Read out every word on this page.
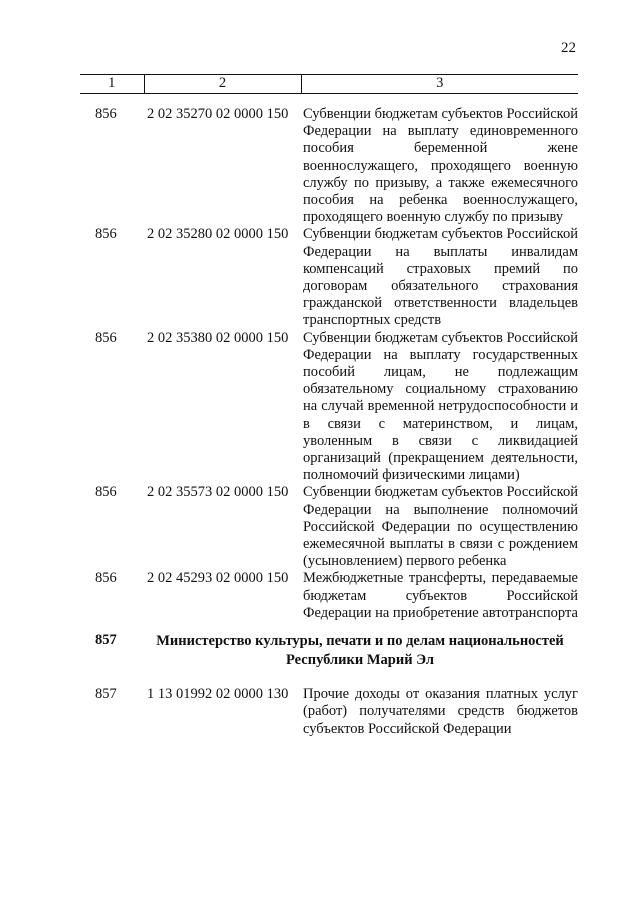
22
1	2	3

856	2 02 35270 02 0000 150	Субвенции бюджетам субъектов Российской Федерации на выплату единовременного пособия беременной жене военнослужащего, проходящего военную службу по призыву, а также ежемесячного пособия на ребенка военнослужащего, проходящего военную службу по призыву
856	2 02 35280 02 0000 150	Субвенции бюджетам субъектов Российской Федерации на выплаты инвалидам компенсаций страховых премий по договорам обязательного страхования гражданской ответственности владельцев транспортных средств
856	2 02 35380 02 0000 150	Субвенции бюджетам субъектов Российской Федерации на выплату государственных пособий лицам, не подлежащим обязательному социальному страхованию на случай временной нетрудоспособности и в связи с материнством, и лицам, уволенным в связи с ликвидацией организаций (прекращением деятельности, полномочий физическими лицами)
856	2 02 35573 02 0000 150	Субвенции бюджетам субъектов Российской Федерации на выполнение полномочий Российской Федерации по осуществлению ежемесячной выплаты в связи с рождением (усыновлением) первого ребенка
856	2 02 45293 02 0000 150	Межбюджетные трансферты, передаваемые бюджетам субъектов Российской Федерации на приобретение автотранспорта
857	Министерство культуры, печати и по делам национальностей Республики Марий Эл	
857	1 13 01992 02 0000 130	Прочие доходы от оказания платных услуг (работ) получателями средств бюджетов субъектов Российской Федерации
